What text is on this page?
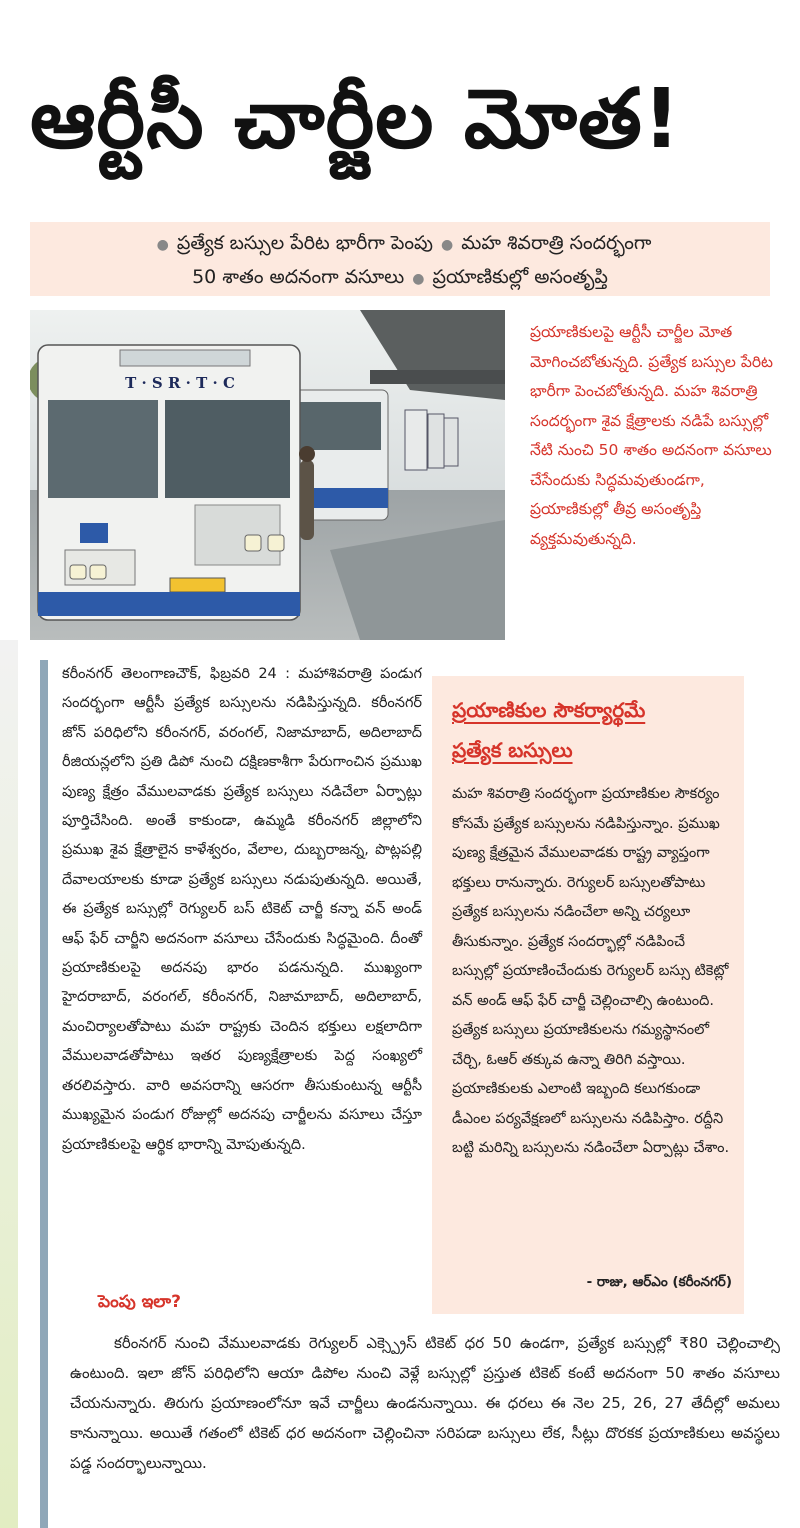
ఆర్టీసీ చార్జీల మోత!
● ప్రత్యేక బస్సుల పేరిట భారీగా పెంపు ● మహ శివరాత్రి సందర్భంగా
50 శాతం అదనంగా వసూలు ● ప్రయాణికుల్లో అసంతృప్తి
T · S R · T · C
ప్రయాణికులపై ఆర్టీసీ చార్జీల మోత మోగించబోతున్నది. ప్రత్యేక బస్సుల పేరిట భారీగా పెంచబోతున్నది. మహ శివరాత్రి సందర్భంగా శైవ క్షేత్రాలకు నడిపే బస్సుల్లో నేటి నుంచి 50 శాతం అదనంగా వసూలు చేసేందుకు సిద్ధమవుతుండగా, ప్రయాణికుల్లో తీవ్ర అసంతృప్తి వ్యక్తమవుతున్నది.
కరీంనగర్ తెలంగాణచౌక్, ఫిబ్రవరి 24 : మహాశివరాత్రి పండుగ సందర్భంగా ఆర్టీసీ ప్రత్యేక బస్సులను నడిపిస్తున్నది. కరీంనగర్ జోన్ పరిధిలోని కరీంనగర్, వరంగల్, నిజామాబాద్, అదిలాబాద్ రీజియన్లలోని ప్రతి డిపో నుంచి దక్షిణకాశీగా పేరుగాంచిన ప్రముఖ పుణ్య క్షేత్రం వేములవాడకు ప్రత్యేక బస్సులు నడిచేలా ఏర్పాట్లు పూర్తిచేసింది. అంతే కాకుండా, ఉమ్మడి కరీంనగర్ జిల్లాలోని ప్రముఖ శైవ క్షేత్రాలైన కాళేశ్వరం, వేలాల, దుబ్బరాజన్న, పొట్లపల్లి దేవాలయాలకు కూడా ప్రత్యేక బస్సులు నడుపుతున్నది. అయితే, ఈ ప్రత్యేక బస్సుల్లో రెగ్యులర్ బస్ టికెట్ చార్జీ కన్నా వన్ అండ్ ఆఫ్ ఫేర్ చార్జీని అదనంగా వసూలు చేసేందుకు సిద్ధమైంది. దీంతో ప్రయాణికులపై అదనపు భారం పడనున్నది. ముఖ్యంగా హైదరాబాద్, వరంగల్, కరీంనగర్, నిజామాబాద్, అదిలాబాద్, మంచిర్యాలతోపాటు మహ రాష్ట్రకు చెందిన భక్తులు లక్షలాదిగా వేములవాడతోపాటు ఇతర పుణ్యక్షేత్రాలకు పెద్ద సంఖ్యలో తరలివస్తారు. వారి అవసరాన్ని ఆసరగా తీసుకుంటున్న ఆర్టీసీ ముఖ్యమైన పండుగ రోజుల్లో అదనపు చార్జీలను వసూలు చేస్తూ ప్రయాణికులపై ఆర్థిక భారాన్ని మోపుతున్నది.
పెంపు ఇలా?
ప్రయాణికుల సౌకర్యార్థమే
ప్రత్యేక బస్సులు
మహ శివరాత్రి సందర్భంగా ప్రయాణికుల సౌకర్యం కోసమే ప్రత్యేక బస్సులను నడిపిస్తున్నాం. ప్రముఖ పుణ్య క్షేత్రమైన వేములవాడకు రాష్ట్ర వ్యాప్తంగా భక్తులు రానున్నారు. రెగ్యులర్ బస్సులతోపాటు ప్రత్యేక బస్సులను నడించేలా అన్ని చర్యలూ తీసుకున్నాం. ప్రత్యేక సందర్భాల్లో నడిపించే బస్సుల్లో ప్రయాణించేందుకు రెగ్యులర్ బస్సు టికెట్లో వన్ అండ్ ఆఫ్ ఫేర్ చార్జీ చెల్లించాల్సి ఉంటుంది. ప్రత్యేక బస్సులు ప్రయాణికులను గమ్యస్థానంలో చేర్చి, ఓఆర్ తక్కువ ఉన్నా తిరిగి వస్తాయి. ప్రయాణికులకు ఎలాంటి ఇబ్బంది కలుగకుండా డీఎంల పర్యవేక్షణలో బస్సులను నడిపిస్తాం. రద్దీని బట్టి మరిన్ని బస్సులను నడించేలా ఏర్పాట్లు చేశాం.
- రాజు, ఆర్ఎం (కరీంనగర్)
కరీంనగర్ నుంచి వేములవాడకు రెగ్యులర్ ఎక్స్ప్రెస్ టికెట్ ధర 50 ఉండగా, ప్రత్యేక బస్సుల్లో ₹80 చెల్లించాల్సి ఉంటుంది. ఇలా జోన్ పరిధిలోని ఆయా డిపోల నుంచి వెళ్లే బస్సుల్లో ప్రస్తుత టికెట్ కంటే అదనంగా 50 శాతం వసూలు చేయనున్నారు. తిరుగు ప్రయాణంలోనూ ఇవే చార్జీలు ఉండనున్నాయి. ఈ ధరలు ఈ నెల 25, 26, 27 తేదీల్లో అమలు కానున్నాయి. అయితే గతంలో టికెట్ ధర అదనంగా చెల్లించినా సరిపడా బస్సులు లేక, సీట్లు దొరకక ప్రయాణికులు అవస్థలు పడ్డ సందర్భాలున్నాయి.
